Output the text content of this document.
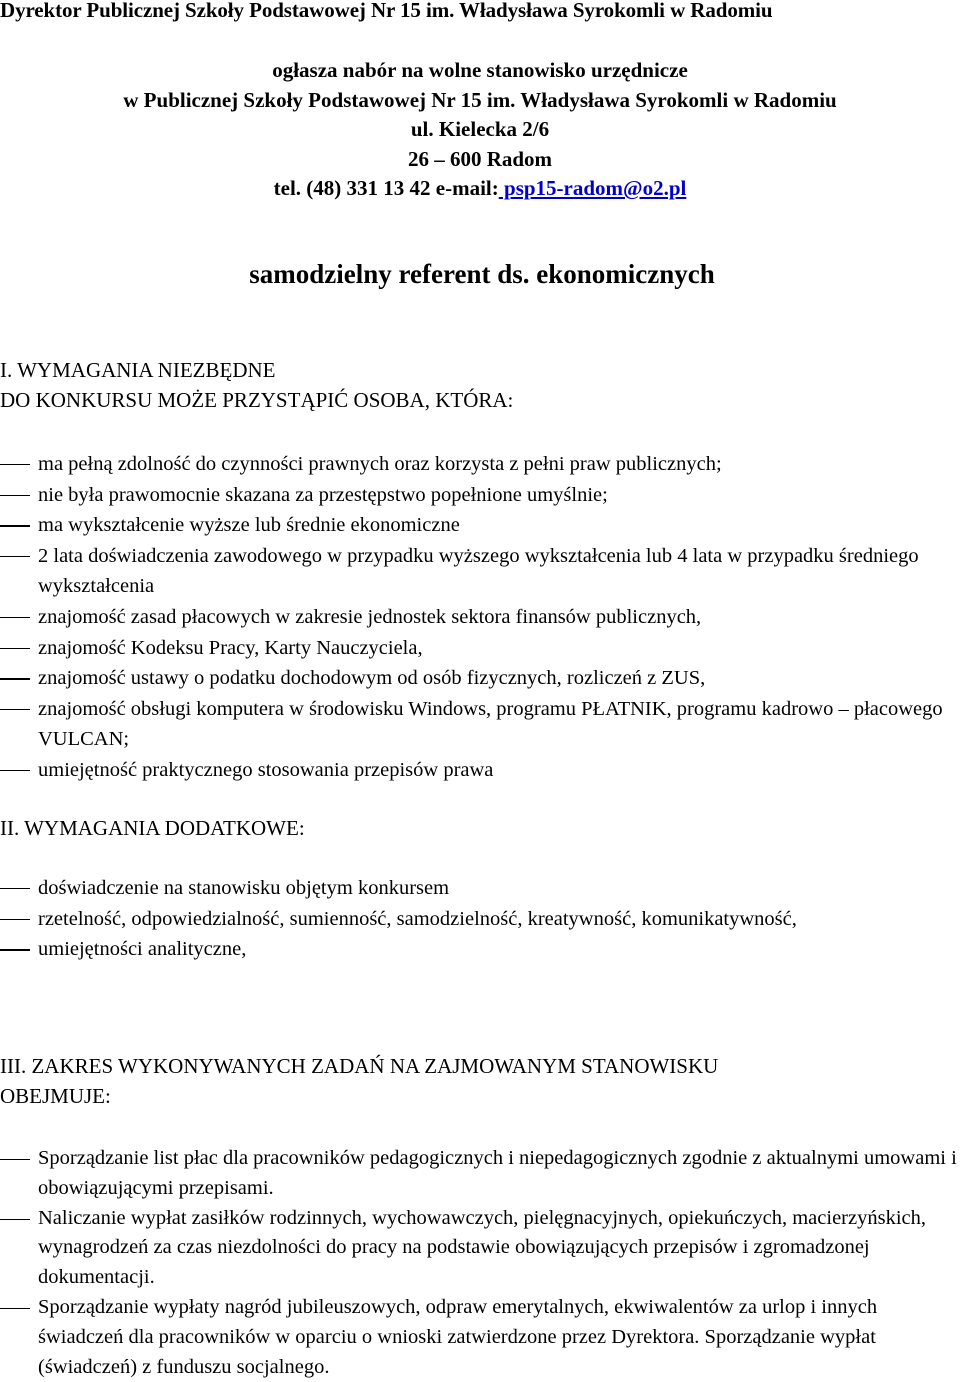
Dyrektor Publicznej Szkoły Podstawowej Nr 15 im. Władysława Syrokomli w Radomiu
ogłasza nabór na wolne stanowisko urzędnicze
w Publicznej Szkoły Podstawowej Nr 15 im. Władysława Syrokomli w Radomiu
ul. Kielecka 2/6
26 – 600 Radom
tel. (48) 331 13 42 e-mail: psp15-radom@o2.pl
samodzielny referent ds. ekonomicznych
I. WYMAGANIA NIEZBĘDNE
DO KONKURSU MOŻE PRZYSTĄPIĆ OSOBA, KTÓRA:
ma pełną zdolność do czynności prawnych oraz korzysta z pełni praw publicznych;
nie była prawomocnie skazana za przestępstwo popełnione umyślnie;
ma wykształcenie wyższe lub średnie ekonomiczne
2 lata doświadczenia zawodowego w przypadku wyższego wykształcenia lub 4 lata w przypadku średniego wykształcenia
znajomość zasad płacowych w zakresie jednostek sektora finansów publicznych,
znajomość Kodeksu Pracy, Karty Nauczyciela,
znajomość ustawy o podatku dochodowym od osób fizycznych, rozliczeń z ZUS,
znajomość obsługi komputera w środowisku Windows, programu PŁATNIK, programu kadrowo – płacowego VULCAN;
umiejętność praktycznego stosowania przepisów prawa
II. WYMAGANIA DODATKOWE:
doświadczenie na stanowisku objętym konkursem
rzetelność, odpowiedzialność, sumienność, samodzielność, kreatywność, komunikatywność,
umiejętności analityczne,
III. ZAKRES WYKONYWANYCH ZADAŃ NA ZAJMOWANYM STANOWISKU
OBEJMUJE:
Sporządzanie list płac dla pracowników pedagogicznych i niepedagogicznych zgodnie z aktualnymi umowami i obowiązującymi przepisami.
Naliczanie wypłat zasiłków rodzinnych, wychowawczych, pielęgnacyjnych, opiekuńczych, macierzyńskich, wynagrodzeń za czas niezdolności do pracy na podstawie obowiązujących przepisów i zgromadzonej dokumentacji.
Sporządzanie wypłaty nagród jubileuszowych, odpraw emerytalnych, ekwiwalentów za urlop i innych świadczeń dla pracowników w oparciu o wnioski zatwierdzone przez Dyrektora. Sporządzanie wypłat (świadczeń) z funduszu socjalnego.
